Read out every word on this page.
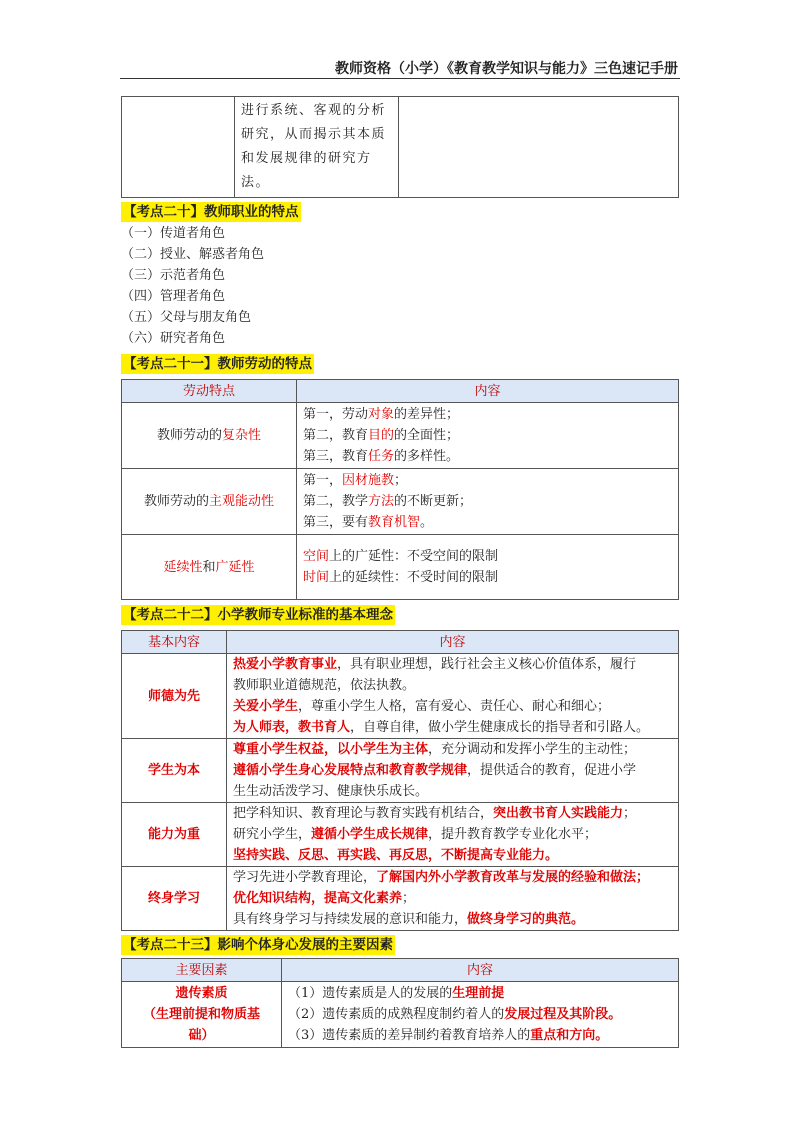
教师资格（小学）《教育教学知识与能力》三色速记手册

进行系统、客观的分析
研究，从而揭示其本质
和发展规律的研究方
法。

【考点二十】教师职业的特点
（一）传道者角色
（二）授业、解惑者角色
（三）示范者角色
（四）管理者角色
（五）父母与朋友角色
（六）研究者角色
【考点二十一】教师劳动的特点
劳动特点	内容
教师劳动的复杂性	第一，劳动对象的差异性；
第二，教育目的的全面性；
第三，教育任务的多样性。

教师劳动的主观能动性	第一，因材施教；
第二，教学方法的不断更新；
第三，要有教育机智。

延续性和广延性	空间上的广延性：不受空间的限制
时间上的延续性：不受时间的限制
【考点二十二】小学教师专业标准的基本理念
基本内容	内容
师德为先	热爱小学教育事业，具有职业理想，践行社会主义核心价值体系，履行
教师职业道德规范，依法执教。
关爱小学生，尊重小学生人格，富有爱心、责任心、耐心和细心；
为人师表，教书育人，自尊自律，做小学生健康成长的指导者和引路人。

学生为本	尊重小学生权益，以小学生为主体，充分调动和发挥小学生的主动性；
遵循小学生身心发展特点和教育教学规律，提供适合的教育，促进小学
生生动活泼学习、健康快乐成长。

能力为重	把学科知识、教育理论与教育实践有机结合，突出教书育人实践能力；
研究小学生，遵循小学生成长规律，提升教育教学专业化水平；
坚持实践、反思、再实践、再反思，不断提高专业能力。

终身学习	学习先进小学教育理论，了解国内外小学教育改革与发展的经验和做法；
优化知识结构，提高文化素养；
具有终身学习与持续发展的意识和能力，做终身学习的典范。
【考点二十三】影响个体身心发展的主要因素
主要因素	内容

遗传素质
（生理前提和物质基
础）	（1）遗传素质是人的发展的生理前提
（2）遗传素质的成熟程度制约着人的发展过程及其阶段。
（3）遗传素质的差异制约着教育培养人的重点和方向。
